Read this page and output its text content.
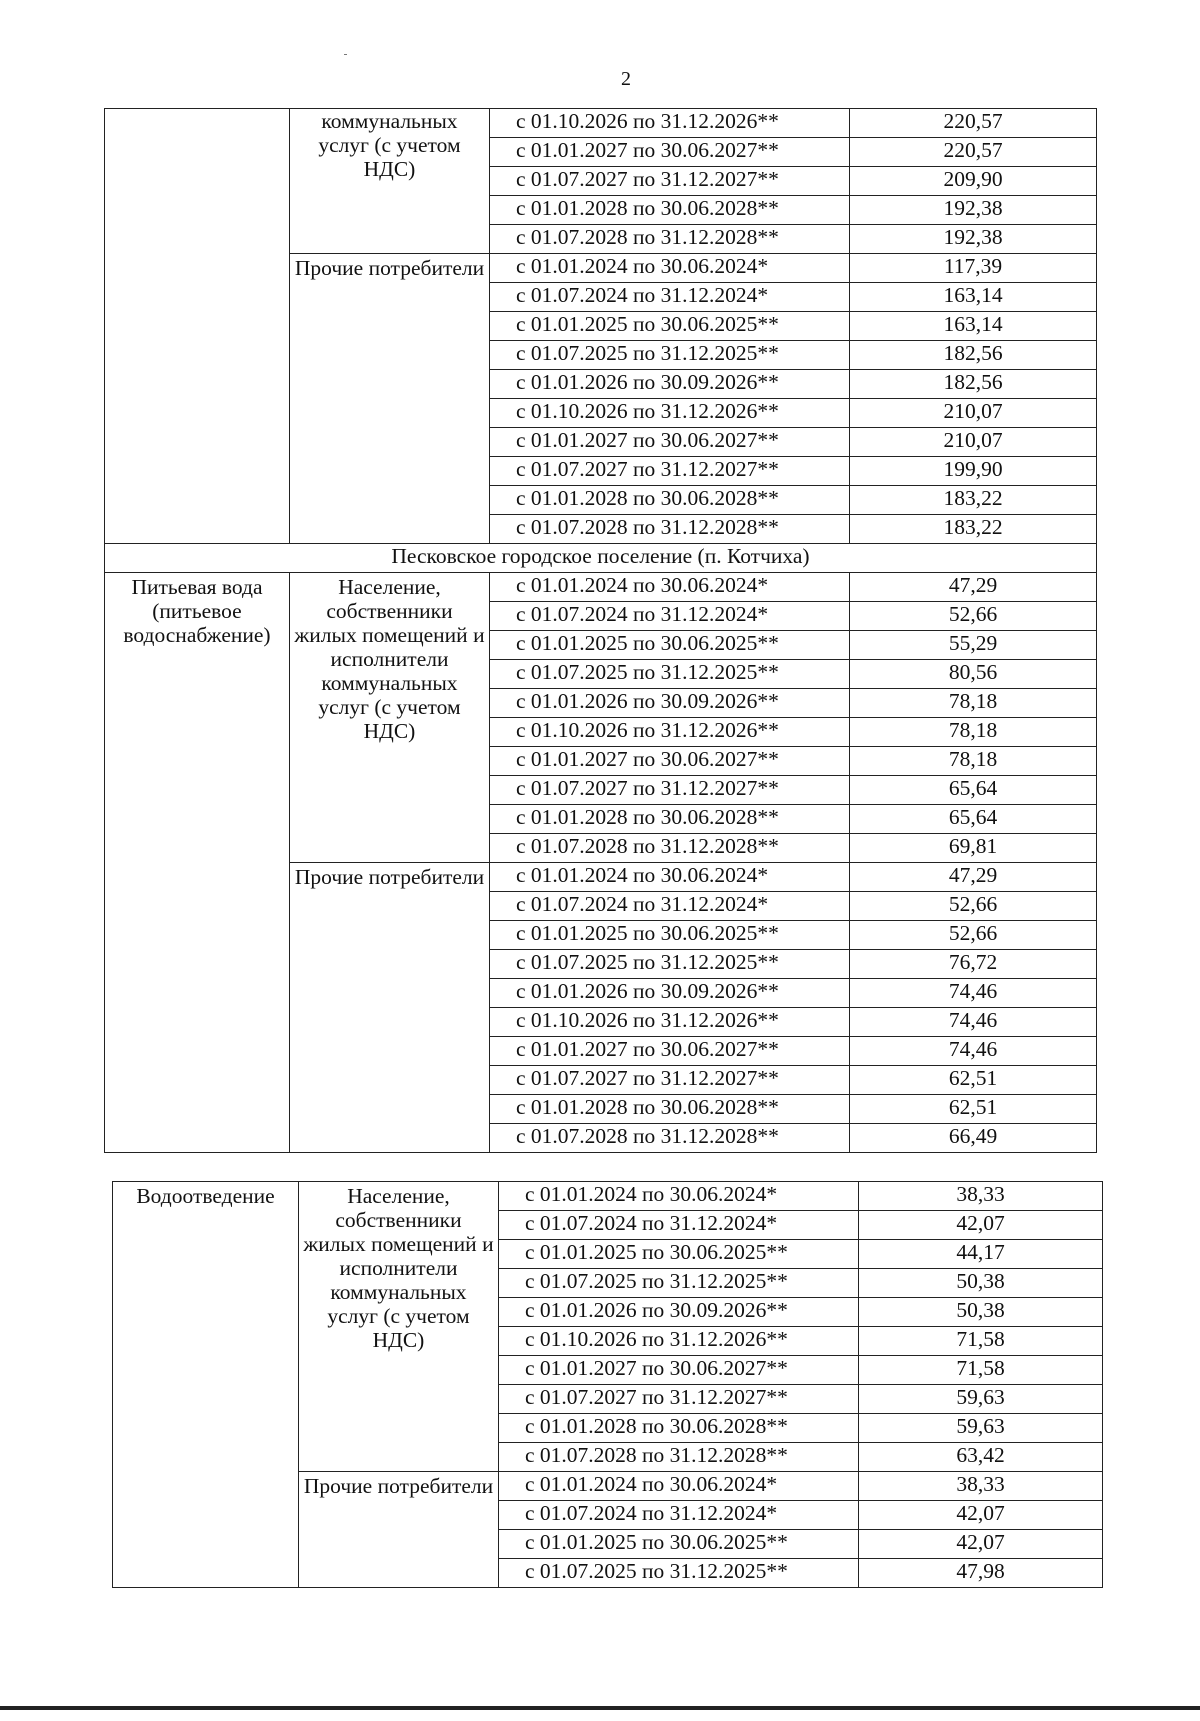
2
	коммунальных услуг (с учетом НДС)	с 01.10.2026 по 31.12.2026**	220,57
		с 01.01.2027 по 30.06.2027**	220,57
		с 01.07.2027 по 31.12.2027**	209,90
		с 01.01.2028 по 30.06.2028**	192,38
		с 01.07.2028 по 31.12.2028**	192,38
	Прочие потребители	с 01.01.2024 по 30.06.2024*	117,39
		с 01.07.2024 по 31.12.2024*	163,14
		с 01.01.2025 по 30.06.2025**	163,14
		с 01.07.2025 по 31.12.2025**	182,56
		с 01.01.2026 по 30.09.2026**	182,56
		с 01.10.2026 по 31.12.2026**	210,07
		с 01.01.2027 по 30.06.2027**	210,07
		с 01.07.2027 по 31.12.2027**	199,90
		с 01.01.2028 по 30.06.2028**	183,22
		с 01.07.2028 по 31.12.2028**	183,22
Песковское городское поселение (п. Котчиха)			
Питьевая вода (питьевое водоснабжение)	Население, собственники жилых помещений и исполнители коммунальных услуг (с учетом НДС)	с 01.01.2024 по 30.06.2024*	47,29
		с 01.07.2024 по 31.12.2024*	52,66
		с 01.01.2025 по 30.06.2025**	55,29
		с 01.07.2025 по 31.12.2025**	80,56
		с 01.01.2026 по 30.09.2026**	78,18
		с 01.10.2026 по 31.12.2026**	78,18
		с 01.01.2027 по 30.06.2027**	78,18
		с 01.07.2027 по 31.12.2027**	65,64
		с 01.01.2028 по 30.06.2028**	65,64
		с 01.07.2028 по 31.12.2028**	69,81
	Прочие потребители	с 01.01.2024 по 30.06.2024*	47,29
		с 01.07.2024 по 31.12.2024*	52,66
		с 01.01.2025 по 30.06.2025**	52,66
		с 01.07.2025 по 31.12.2025**	76,72
		с 01.01.2026 по 30.09.2026**	74,46
		с 01.10.2026 по 31.12.2026**	74,46
		с 01.01.2027 по 30.06.2027**	74,46
		с 01.07.2027 по 31.12.2027**	62,51
		с 01.01.2028 по 30.06.2028**	62,51
		с 01.07.2028 по 31.12.2028**	66,49
Водоотведение	Население, собственники жилых помещений и исполнители коммунальных услуг (с учетом НДС)	с 01.01.2024 по 30.06.2024*	38,33
		с 01.07.2024 по 31.12.2024*	42,07
		с 01.01.2025 по 30.06.2025**	44,17
		с 01.07.2025 по 31.12.2025**	50,38
		с 01.01.2026 по 30.09.2026**	50,38
		с 01.10.2026 по 31.12.2026**	71,58
		с 01.01.2027 по 30.06.2027**	71,58
		с 01.07.2027 по 31.12.2027**	59,63
		с 01.01.2028 по 30.06.2028**	59,63
		с 01.07.2028 по 31.12.2028**	63,42
	Прочие потребители	с 01.01.2024 по 30.06.2024*	38,33
		с 01.07.2024 по 31.12.2024*	42,07
		с 01.01.2025 по 30.06.2025**	42,07
		с 01.07.2025 по 31.12.2025**	47,98
